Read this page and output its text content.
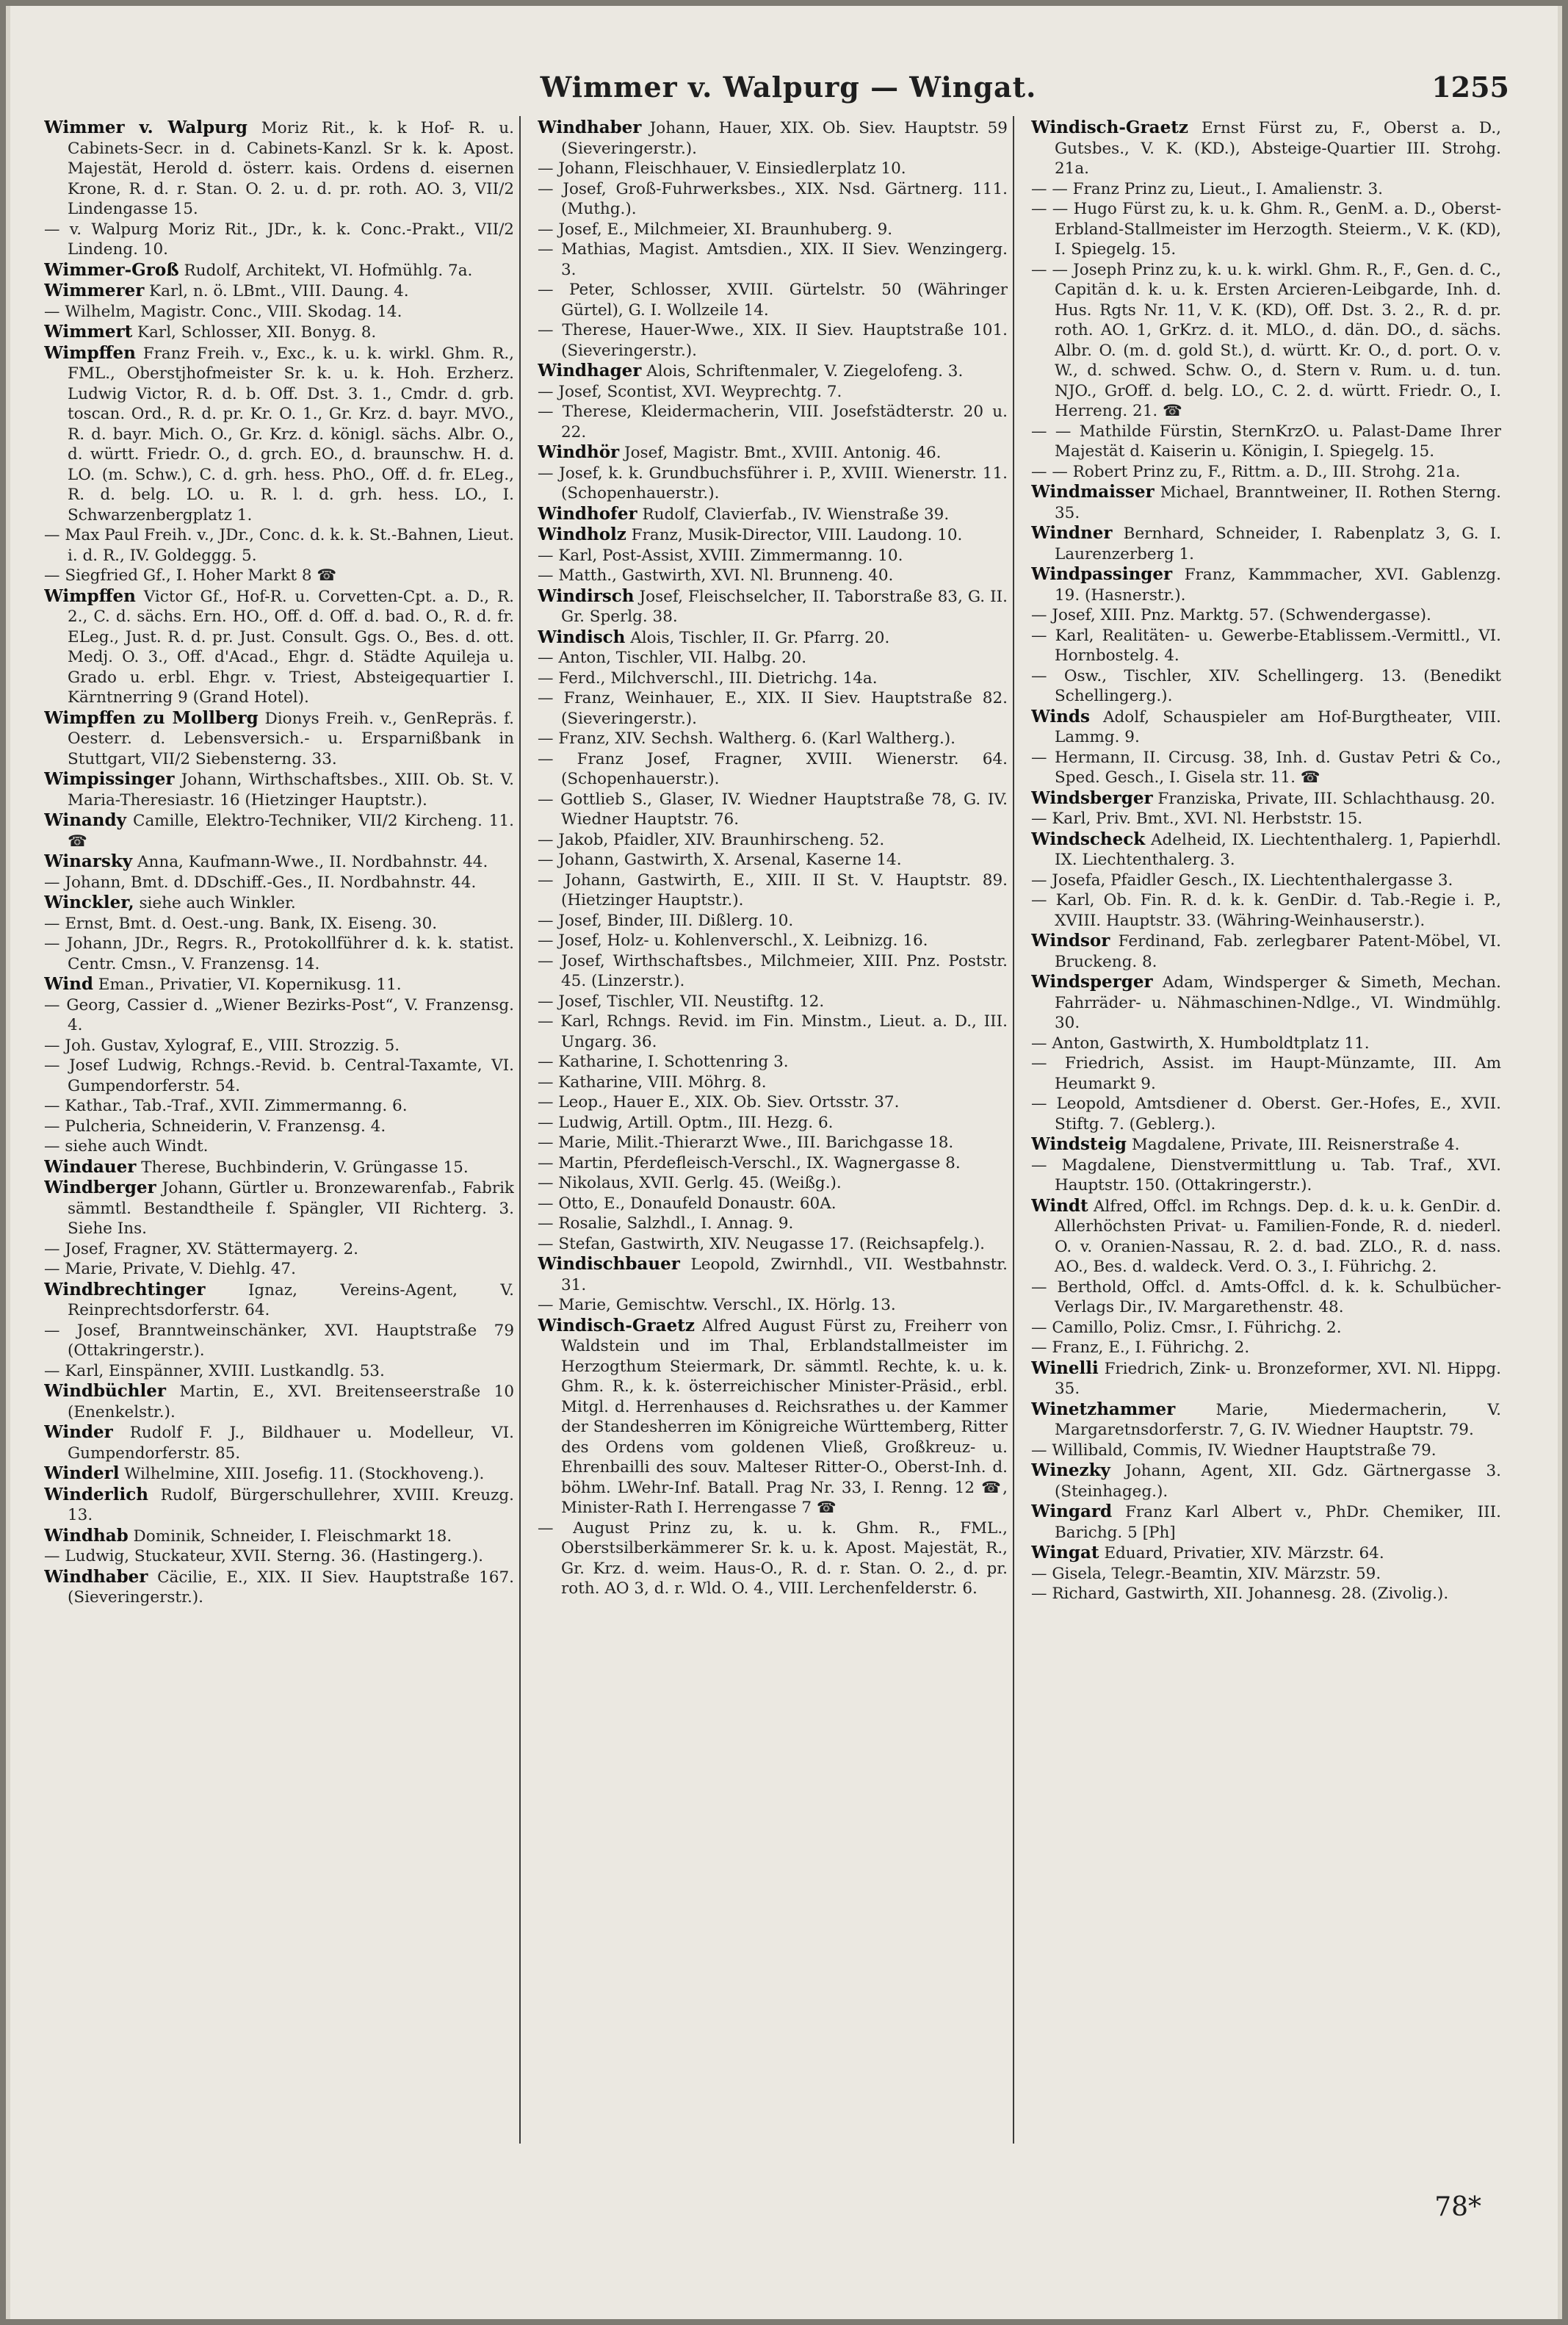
Wimmer v. Walpurg — Wingat.	1255

Wimmer v. Walpurg Moriz Rit., k. k Hof- R. u. Cabinets-Secr. in d. Cabinets-Kanzl. Sr k. k. Apost. Majestät, Herold d. österr. kais. Ordens d. eisernen Krone, R. d. r. Stan. O. 2. u. d. pr. roth. AO. 3, VII/2 Lindengasse 15.

— v. Walpurg Moriz Rit., JDr., k. k. Conc.-Prakt., VII/2 Lindeng. 10.

Wimmer-Groß Rudolf, Architekt, VI. Hofmühlg. 7a.

Wimmerer Karl, n. ö. LBmt., VIII. Daung. 4.

— Wilhelm, Magistr. Conc., VIII. Skodag. 14.

Wimmert Karl, Schlosser, XII. Bonyg. 8.

Wimpffen Franz Freih. v., Exc., k. u. k. wirkl. Ghm. R., FML., Oberstjhofmeister Sr. k. u. k. Hoh. Erzherz. Ludwig Victor, R. d. b. Off. Dst. 3. 1., Cmdr. d. grb. toscan. Ord., R. d. pr. Kr. O. 1., Gr. Krz. d. bayr. MVO., R. d. bayr. Mich. O., Gr. Krz. d. königl. sächs. Albr. O., d. württ. Friedr. O., d. grch. EO., d. braunschw. H. d. LO. (m. Schw.), C. d. grh. hess. PhO., Off. d. fr. ELeg., R. d. belg. LO. u. R. l. d. grh. hess. LO., I. Schwarzenbergplatz 1.

— Max Paul Freih. v., JDr., Conc. d. k. k. St.-Bahnen, Lieut. i. d. R., IV. Goldeggg. 5.

— Siegfried Gf., I. Hoher Markt 8 ☎

Wimpffen Victor Gf., Hof-R. u. Corvetten-Cpt. a. D., R. 2., C. d. sächs. Ern. HO., Off. d. Off. d. bad. O., R. d. fr. ELeg., Just. R. d. pr. Just. Consult. Ggs. O., Bes. d. ott. Medj. O. 3., Off. d'Acad., Ehgr. d. Städte Aquileja u. Grado u. erbl. Ehgr. v. Triest, Absteigequartier I. Kärntnerring 9 (Grand Hotel).

Wimpffen zu Mollberg Dionys Freih. v., GenRepräs. f. Oesterr. d. Lebensversich.- u. Ersparnißbank in Stuttgart, VII/2 Siebensterng. 33.

Wimpissinger Johann, Wirthschaftsbes., XIII. Ob. St. V. Maria-Theresiastr. 16 (Hietzinger Hauptstr.).

Winandy Camille, Elektro-Techniker, VII/2 Kircheng. 11. ☎

Winarsky Anna, Kaufmann-Wwe., II. Nordbahnstr. 44.

— Johann, Bmt. d. DDschiff.-Ges., II. Nordbahnstr. 44.

Winckler, siehe auch Winkler.

— Ernst, Bmt. d. Oest.-ung. Bank, IX. Eiseng. 30.

— Johann, JDr., Regrs. R., Protokollführer d. k. k. statist. Centr. Cmsn., V. Franzensg. 14.

Wind Eman., Privatier, VI. Kopernikusg. 11.

— Georg, Cassier d. „Wiener Bezirks-Post“, V. Franzensg. 4.

— Joh. Gustav, Xylograf, E., VIII. Strozzig. 5.

— Josef Ludwig, Rchngs.-Revid. b. Central-Taxamte, VI. Gumpendorferstr. 54.

— Kathar., Tab.-Traf., XVII. Zimmermanng. 6.

— Pulcheria, Schneiderin, V. Franzensg. 4.

— siehe auch Windt.

Windauer Therese, Buchbinderin, V. Grüngasse 15.

Windberger Johann, Gürtler u. Bronzewarenfab., Fabrik sämmtl. Bestandtheile f. Spängler, VII Richterg. 3. Siehe Ins.

— Josef, Fragner, XV. Stättermayerg. 2.

— Marie, Private, V. Diehlg. 47.

Windbrechtinger Ignaz, Vereins-Agent, V. Reinprechtsdorferstr. 64.

— Josef, Branntweinschänker, XVI. Hauptstraße 79 (Ottakringerstr.).

— Karl, Einspänner, XVIII. Lustkandlg. 53.

Windbüchler Martin, E., XVI. Breitenseerstraße 10 (Enenkelstr.).

Winder Rudolf F. J., Bildhauer u. Modelleur, VI. Gumpendorferstr. 85.

Winderl Wilhelmine, XIII. Josefig. 11. (Stockhoveng.).

Winderlich Rudolf, Bürgerschullehrer, XVIII. Kreuzg. 13.

Windhab Dominik, Schneider, I. Fleischmarkt 18.

— Ludwig, Stuckateur, XVII. Sterng. 36. (Hastingerg.).

Windhaber Cäcilie, E., XIX. II Siev. Hauptstraße 167. (Sieveringerstr.).

Windhaber Johann, Hauer, XIX. Ob. Siev. Hauptstr. 59 (Sieveringerstr.).

— Johann, Fleischhauer, V. Einsiedlerplatz 10.

— Josef, Groß-Fuhrwerksbes., XIX. Nsd. Gärtnerg. 111. (Muthg.).

— Josef, E., Milchmeier, XI. Braunhuberg. 9.

— Mathias, Magist. Amtsdien., XIX. II Siev. Wenzingerg. 3.

— Peter, Schlosser, XVIII. Gürtelstr. 50 (Währinger Gürtel), G. I. Wollzeile 14.

— Therese, Hauer-Wwe., XIX. II Siev. Hauptstraße 101. (Sieveringerstr.).

Windhager Alois, Schriftenmaler, V. Ziegelofeng. 3.

— Josef, Scontist, XVI. Weyprechtg. 7.

— Therese, Kleidermacherin, VIII. Josefstädterstr. 20 u. 22.

Windhör Josef, Magistr. Bmt., XVIII. Antonig. 46.

— Josef, k. k. Grundbuchsführer i. P., XVIII. Wienerstr. 11. (Schopenhauerstr.).

Windhofer Rudolf, Clavierfab., IV. Wienstraße 39.

Windholz Franz, Musik-Director, VIII. Laudong. 10.

— Karl, Post-Assist, XVIII. Zimmermanng. 10.

— Matth., Gastwirth, XVI. Nl. Brunneng. 40.

Windirsch Josef, Fleischselcher, II. Taborstraße 83, G. II. Gr. Sperlg. 38.

Windisch Alois, Tischler, II. Gr. Pfarrg. 20.

— Anton, Tischler, VII. Halbg. 20.

— Ferd., Milchverschl., III. Dietrichg. 14a.

— Franz, Weinhauer, E., XIX. II Siev. Hauptstraße 82. (Sieveringerstr.).

— Franz, XIV. Sechsh. Waltherg. 6. (Karl Waltherg.).

— Franz Josef, Fragner, XVIII. Wienerstr. 64. (Schopenhauerstr.).

— Gottlieb S., Glaser, IV. Wiedner Hauptstraße 78, G. IV. Wiedner Hauptstr. 76.

— Jakob, Pfaidler, XIV. Braunhirscheng. 52.

— Johann, Gastwirth, X. Arsenal, Kaserne 14.

— Johann, Gastwirth, E., XIII. II St. V. Hauptstr. 89. (Hietzinger Hauptstr.).

— Josef, Binder, III. Dißlerg. 10.

— Josef, Holz- u. Kohlenverschl., X. Leibnizg. 16.

— Josef, Wirthschaftsbes., Milchmeier, XIII. Pnz. Poststr. 45. (Linzerstr.).

— Josef, Tischler, VII. Neustiftg. 12.

— Karl, Rchngs. Revid. im Fin. Minstm., Lieut. a. D., III. Ungarg. 36.

— Katharine, I. Schottenring 3.

— Katharine, VIII. Möhrg. 8.

— Leop., Hauer E., XIX. Ob. Siev. Ortsstr. 37.

— Ludwig, Artill. Optm., III. Hezg. 6.

— Marie, Milit.-Thierarzt Wwe., III. Barichgasse 18.

— Martin, Pferdefleisch-Verschl., IX. Wagnergasse 8.

— Nikolaus, XVII. Gerlg. 45. (Weißg.).

— Otto, E., Donaufeld Donaustr. 60A.

— Rosalie, Salzhdl., I. Annag. 9.

— Stefan, Gastwirth, XIV. Neugasse 17. (Reichsapfelg.).

Windischbauer Leopold, Zwirnhdl., VII. Westbahnstr. 31.

— Marie, Gemischtw. Verschl., IX. Hörlg. 13.

Windisch-Graetz Alfred August Fürst zu, Freiherr von Waldstein und im Thal, Erblandstallmeister im Herzogthum Steiermark, Dr. sämmtl. Rechte, k. u. k. Ghm. R., k. k. österreichischer Minister-Präsid., erbl. Mitgl. d. Herrenhauses d. Reichsrathes u. der Kammer der Standesherren im Königreiche Württemberg, Ritter des Ordens vom goldenen Vließ, Großkreuz- u. Ehrenbailli des souv. Malteser Ritter-O., Oberst-Inh. d. böhm. LWehr-Inf. Batall. Prag Nr. 33, I. Renng. 12 ☎, Minister-Rath I. Herrengasse 7 ☎

— August Prinz zu, k. u. k. Ghm. R., FML., Oberstsilberkämmerer Sr. k. u. k. Apost. Majestät, R., Gr. Krz. d. weim. Haus-O., R. d. r. Stan. O. 2., d. pr. roth. AO 3, d. r. Wld. O. 4., VIII. Lerchenfelderstr. 6.

Windisch-Graetz Ernst Fürst zu, F., Oberst a. D., Gutsbes., V. K. (KD.), Absteige-Quartier III. Strohg. 21a.

— — Franz Prinz zu, Lieut., I. Amalienstr. 3.

— — Hugo Fürst zu, k. u. k. Ghm. R., GenM. a. D., Oberst-Erbland-Stallmeister im Herzogth. Steierm., V. K. (KD), I. Spiegelg. 15.

— — Joseph Prinz zu, k. u. k. wirkl. Ghm. R., F., Gen. d. C., Capitän d. k. u. k. Ersten Arcieren-Leibgarde, Inh. d. Hus. Rgts Nr. 11, V. K. (KD), Off. Dst. 3. 2., R. d. pr. roth. AO. 1, GrKrz. d. it. MLO., d. dän. DO., d. sächs. Albr. O. (m. d. gold St.), d. württ. Kr. O., d. port. O. v. W., d. schwed. Schw. O., d. Stern v. Rum. u. d. tun. NJO., GrOff. d. belg. LO., C. 2. d. württ. Friedr. O., I. Herreng. 21. ☎

— — Mathilde Fürstin, SternKrzO. u. Palast-Dame Ihrer Majestät d. Kaiserin u. Königin, I. Spiegelg. 15.

— — Robert Prinz zu, F., Rittm. a. D., III. Strohg. 21a.

Windmaisser Michael, Branntweiner, II. Rothen Sterng. 35.

Windner Bernhard, Schneider, I. Rabenplatz 3, G. I. Laurenzerberg 1.

Windpassinger Franz, Kammmacher, XVI. Gablenzg. 19. (Hasnerstr.).

— Josef, XIII. Pnz. Marktg. 57. (Schwendergasse).

— Karl, Realitäten- u. Gewerbe-Etablissem.-Vermittl., VI. Hornbostelg. 4.

— Osw., Tischler, XIV. Schellingerg. 13. (Benedikt Schellingerg.).

Winds Adolf, Schauspieler am Hof-Burgtheater, VIII. Lammg. 9.

— Hermann, II. Circusg. 38, Inh. d. Gustav Petri & Co., Sped. Gesch., I. Gisela str. 11. ☎

Windsberger Franziska, Private, III. Schlachthausg. 20.

— Karl, Priv. Bmt., XVI. Nl. Herbststr. 15.

Windscheck Adelheid, IX. Liechtenthalerg. 1, Papierhdl. IX. Liechtenthalerg. 3.

— Josefa, Pfaidler Gesch., IX. Liechtenthalergasse 3.

— Karl, Ob. Fin. R. d. k. k. GenDir. d. Tab.-Regie i. P., XVIII. Hauptstr. 33. (Währing-Weinhauserstr.).

Windsor Ferdinand, Fab. zerlegbarer Patent-Möbel, VI. Bruckeng. 8.

Windsperger Adam, Windsperger & Simeth, Mechan. Fahrräder- u. Nähmaschinen-Ndlge., VI. Windmühlg. 30.

— Anton, Gastwirth, X. Humboldtplatz 11.

— Friedrich, Assist. im Haupt-Münzamte, III. Am Heumarkt 9.

— Leopold, Amtsdiener d. Oberst. Ger.-Hofes, E., XVII. Stiftg. 7. (Geblerg.).

Windsteig Magdalene, Private, III. Reisnerstraße 4.

— Magdalene, Dienstvermittlung u. Tab. Traf., XVI. Hauptstr. 150. (Ottakringerstr.).

Windt Alfred, Offcl. im Rchngs. Dep. d. k. u. k. GenDir. d. Allerhöchsten Privat- u. Familien-Fonde, R. d. niederl. O. v. Oranien-Nassau, R. 2. d. bad. ZLO., R. d. nass. AO., Bes. d. waldeck. Verd. O. 3., I. Führichg. 2.

— Berthold, Offcl. d. Amts-Offcl. d. k. k. Schulbücher-Verlags Dir., IV. Margarethenstr. 48.

— Camillo, Poliz. Cmsr., I. Führichg. 2.

— Franz, E., I. Führichg. 2.

Winelli Friedrich, Zink- u. Bronzeformer, XVI. Nl. Hippg. 35.

Winetzhammer Marie, Miedermacherin, V. Margaretnsdorferstr. 7, G. IV. Wiedner Hauptstr. 79.

— Willibald, Commis, IV. Wiedner Hauptstraße 79.

Winezky Johann, Agent, XII. Gdz. Gärtnergasse 3. (Steinhageg.).

Wingard Franz Karl Albert v., PhDr. Chemiker, III. Barichg. 5 [Ph]

Wingat Eduard, Privatier, XIV. Märzstr. 64.

— Gisela, Telegr.-Beamtin, XIV. Märzstr. 59.

— Richard, Gastwirth, XII. Johannesg. 28. (Zivolig.).

78*
